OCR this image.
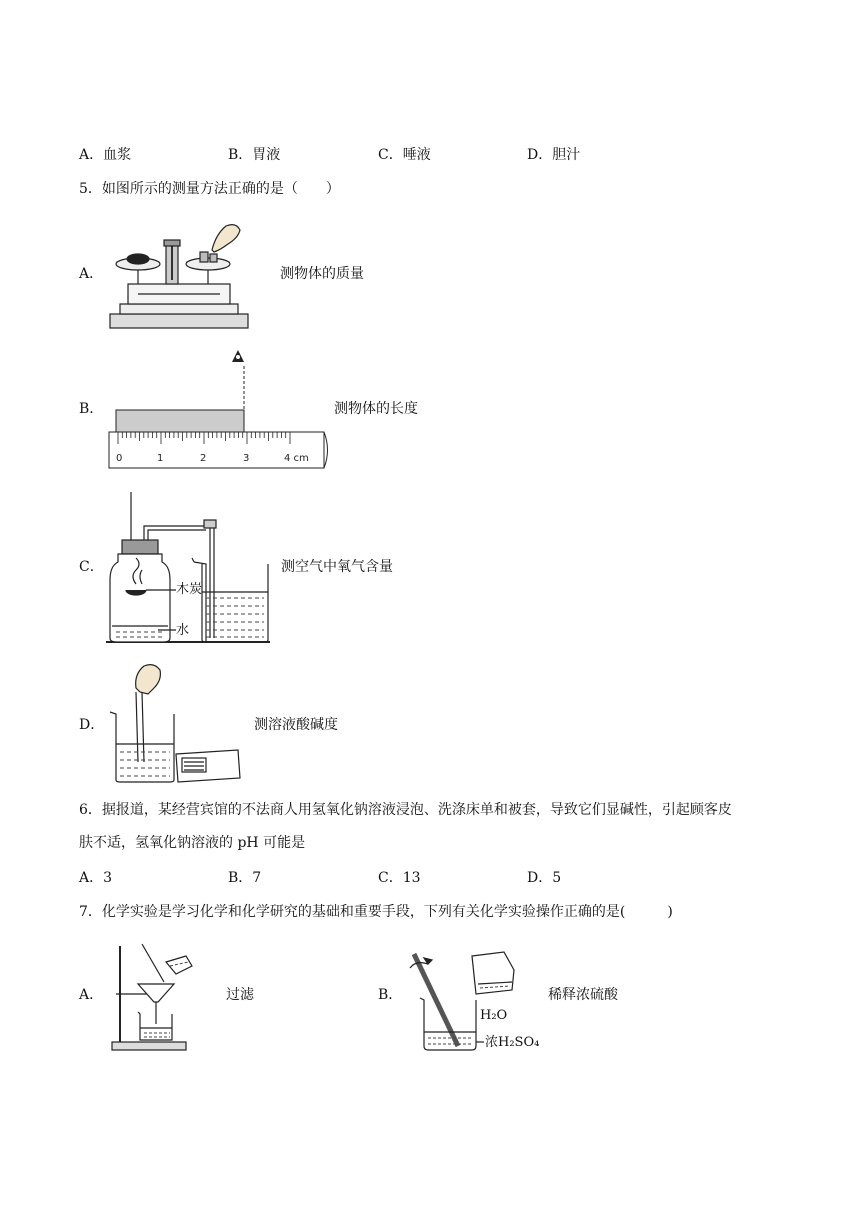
A．血浆	B．胃液	C．唾液	D．胆汁
5．如图所示的测量方法正确的是（　　）
A．	测物体的质量
B．
0	1	2	3	4 cm
测物体的长度
C．
木炭
水
测空气中氧气含量
D．	测溶液酸碱度
6．据报道，某经营宾馆的不法商人用氢氧化钠溶液浸泡、洗涤床单和被套，导致它们显碱性，引起顾客皮
肤不适，氢氧化钠溶液的 pH 可能是
A．3	B．7	C．13	D．5
7．化学实验是学习化学和化学研究的基础和重要手段，下列有关化学实验操作正确的是(　　　)
A．	过滤	B．
H₂O
浓H₂SO₄
稀释浓硫酸
